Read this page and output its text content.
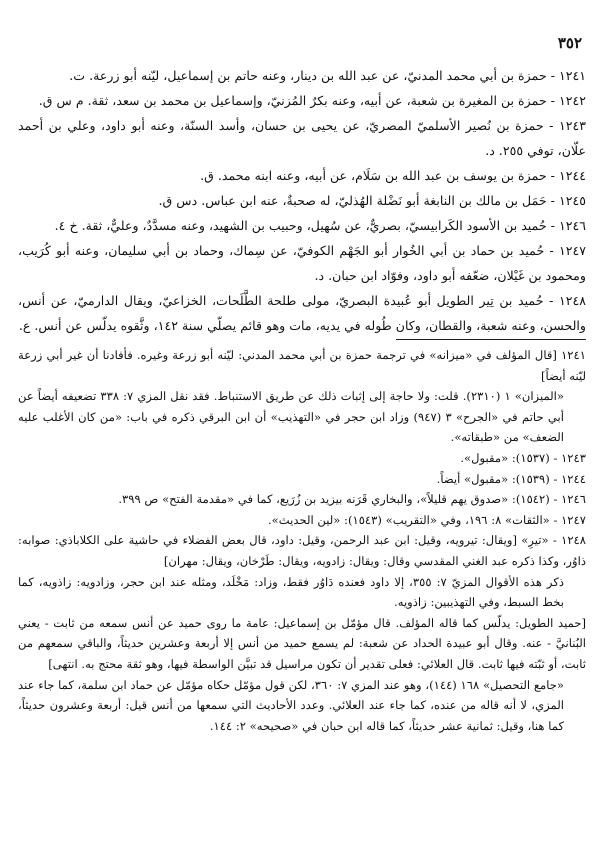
٣٥٢

١٢٤١ - حمزة بن أبي محمد المدنيّ، عن عبد الله بن دينار، وعنه حاتم بن إسماعيل، ليّنه أبو زرعة. ت.

١٢٤٢ - حمزة بن المغيرة بن شعبة، عن أبيه، وعنه بكرٌ المُزنيّ، وإسماعيل بن محمد بن سعد، ثقة. م س ق.

١٢٤٣ - حمزة بن نُصير الأسلميّ المصريّ، عن يحيى بن حسان، وأسد السنّة، وعنه أبو داود، وعلي بن أحمد علّان، توفي ٢٥٥. د.

١٢٤٤ - حمزة بن يوسف بن عبد الله بن سَلَام، عن أبيه، وعنه ابنه محمد. ق.

١٢٤٥ - حَمَل بن مالك بن النابغة أبو نَضْلة الهُذليّ، له صحبةٌ، عنه ابن عباس. دس ق.

١٢٤٦ - حُميد بن الأسود الكَرابيسيّ، بصريٌّ، عن سُهيل، وحبيب بن الشهيد، وعنه مسدَّدٌ، وعليٌّ، ثقة. خ ٤.

١٢٤٧ - حُميد بن حماد بن أبي الخُوار أبو الجَهْم الكوفيّ، عن سِماك، وحماد بن أبي سليمان، وعنه أبو كُرَيب، ومحمود بن غَيْلان، ضعّفه أبو داود، وفوّاد ابن حبان. د.

١٢٤٨ - حُميد بن تِير الطويل أبو عُبيدة البصريّ، مولى طلحة الطَّلَحات، الخزاعيّ، ويقال الدارميّ، عن أنس، والحسن، وعنه شعبة، والقطان، وكان طُوله في يديه، مات وهو قائم يصلّي سنة ١٤٢، وثَّقوه يدلّس عن أنس. ع.

١٢٤١ [قال المؤلف في «ميزانه» في ترجمة حمزة بن أبي محمد المدني: ليّنه أبو زرعة وغيره. فأفادنا أن غير أبي زرعة ليّنه أيضاً]

«الميزان» ١ (٢٣١٠). قلت: ولا حاجة إلى إثبات ذلك عن طريق الاستنباط. فقد نقل المزي ٧: ٣٣٨ تضعيفه أيضاً عن أبي حاتم في «الجرح» ٣ (٩٤٧) وزاد ابن حجر في «التهذيب» أن ابن البرقي ذكره في باب: «من كان الأغلب عليه الضعف» من «طبقاته».

١٢٤٣ - (١٥٣٧): «مقبول».

١٢٤٤ - (١٥٣٩): «مقبول» أيضاً.

١٢٤٦ - (١٥٤٢): «صدوق يهم قليلاً»، والبخاري قَرَنه بيزيد بن زُرَيع، كما في «مقدمة الفتح» ص ٣٩٩.

١٢٤٧ - «الثقات» ٨: ١٩٦، وفي «التقريب» (١٥٤٣): «لين الحديث».

١٢٤٨ - «تيرِ» [ويقال: تيرويه، وقيل: ابن عبد الرحمن، وقيل: داود، قال بعض الفضلاء في حاشية على الكلاباذي: صوابه: ذاوُر، وكذا ذكره عبد الغني المقدسي وقال: ويقال: زادويه، ويقال: طَرْخان، ويقال: مهران]

ذكر هذه الأقوال المزيّ ٧: ٣٥٥، إلا داود فعنده دَاوُر فقط، وزاد: مَخْلَد، ومثله عند ابن حجر، وزادويه: زاذويه، كما بخط السبط، وفي التهذيبين: زاذويه.

[حميد الطويل: يدلّس كما قاله المؤلف. قال مؤمّل بن إسماعيل: عامة ما روى حميد عن أنس سمعه من ثابت - يعني البُنانيَّ - عنه. وقال أبو عبيدة الحداد عن شعبة: لم يسمع حميد من أنس إلا أربعة وعشرين حديثاً، والباقي سمعهم من ثابت، أو ثبّته فيها ثابت. قال العلائي: فعلى تقدير أن تكون مراسيل قد تبيَّن الواسطة فيها، وهو ثقة محتج به. انتهى]

«جامع التحصيل» ١٦٨ (١٤٤)، وهو عند المزي ٧: ٣٦٠، لكن قول مؤمّل حكاه مؤمّل عن حماد ابن سلمة، كما جاء عند المزي، لا أنه قاله من عنده، كما جاء عند العلائي. وعدد الأحاديث التي سمعها من أنس قيل: أربعة وعشرون حديثاً، كما هنا، وقيل: ثمانية عشر حديثاً، كما قاله ابن حبان في «صحيحه» ٢: ١٤٤.
